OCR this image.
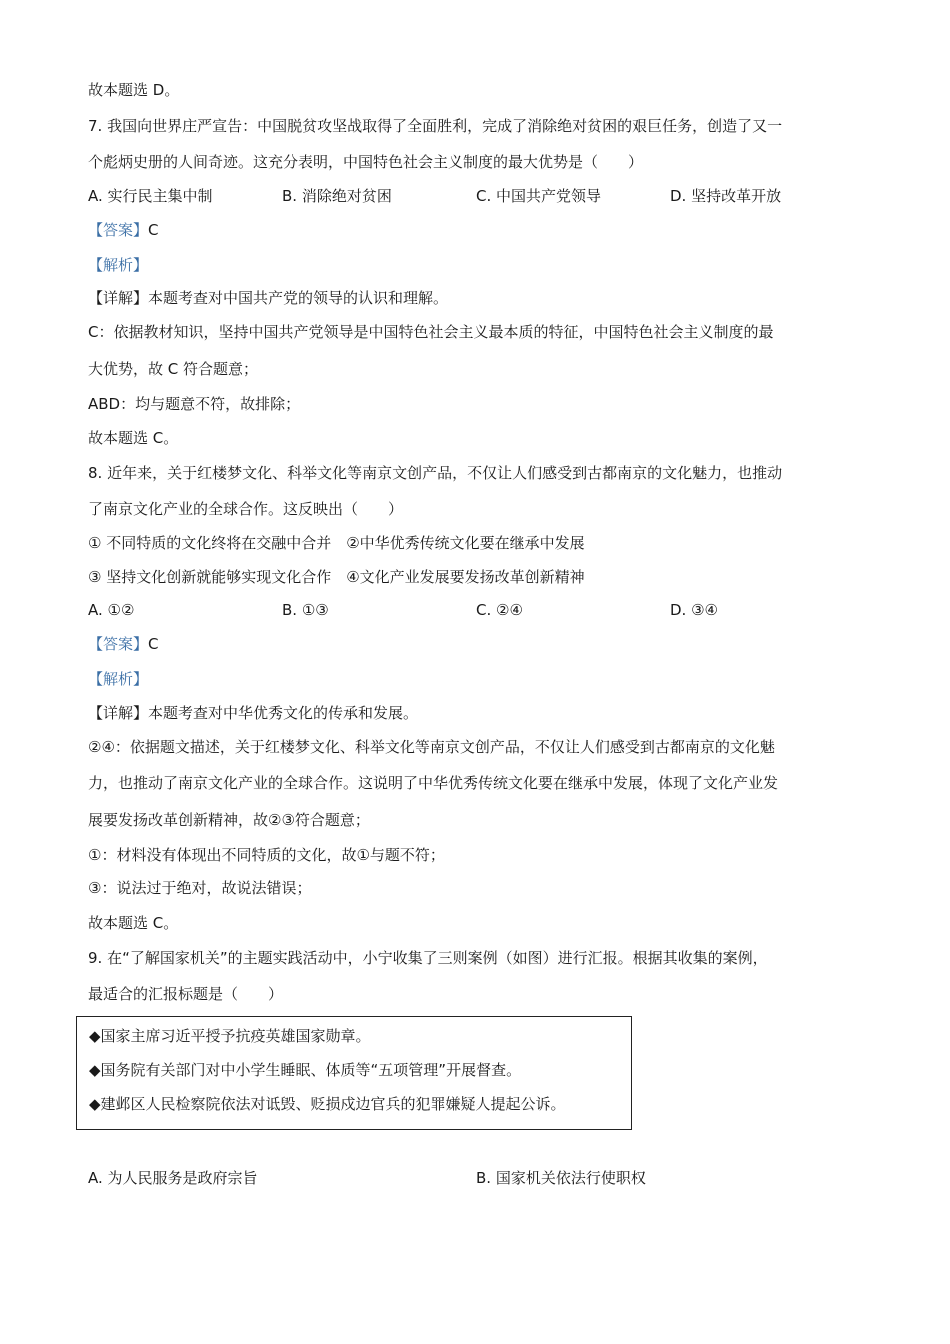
故本题选 D。
7. 我国向世界庄严宣告：中国脱贫攻坚战取得了全面胜利，完成了消除绝对贫困的艰巨任务，创造了又一
个彪炳史册的人间奇迹。这充分表明，中国特色社会主义制度的最大优势是（　　）
A. 实行民主集中制	B. 消除绝对贫困	C. 中国共产党领导	D. 坚持改革开放
【答案】C
【解析】
【详解】本题考查对中国共产党的领导的认识和理解。
C：依据教材知识，坚持中国共产党领导是中国特色社会主义最本质的特征，中国特色社会主义制度的最
大优势，故 C 符合题意；
ABD：均与题意不符，故排除；
故本题选 C。
8. 近年来，关于红楼梦文化、科举文化等南京文创产品，不仅让人们感受到古都南京的文化魅力，也推动
了南京文化产业的全球合作。这反映出（　　）
① 不同特质的文化终将在交融中合并　②中华优秀传统文化要在继承中发展
③ 坚持文化创新就能够实现文化合作　④文化产业发展要发扬改革创新精神
A. ①②	B. ①③	C. ②④	D. ③④
【答案】C
【解析】
【详解】本题考查对中华优秀文化的传承和发展。
②④：依据题文描述，关于红楼梦文化、科举文化等南京文创产品，不仅让人们感受到古都南京的文化魅
力，也推动了南京文化产业的全球合作。这说明了中华优秀传统文化要在继承中发展，体现了文化产业发
展要发扬改革创新精神，故②③符合题意；
①：材料没有体现出不同特质的文化，故①与题不符；
③：说法过于绝对，故说法错误；
故本题选 C。
9. 在“了解国家机关”的主题实践活动中，小宁收集了三则案例（如图）进行汇报。根据其收集的案例，
最适合的汇报标题是（　　）
◆国家主席习近平授予抗疫英雄国家勋章。
◆国务院有关部门对中小学生睡眠、体质等“五项管理”开展督查。
◆建邺区人民检察院依法对诋毁、贬损戍边官兵的犯罪嫌疑人提起公诉。
A. 为人民服务是政府宗旨	B. 国家机关依法行使职权
